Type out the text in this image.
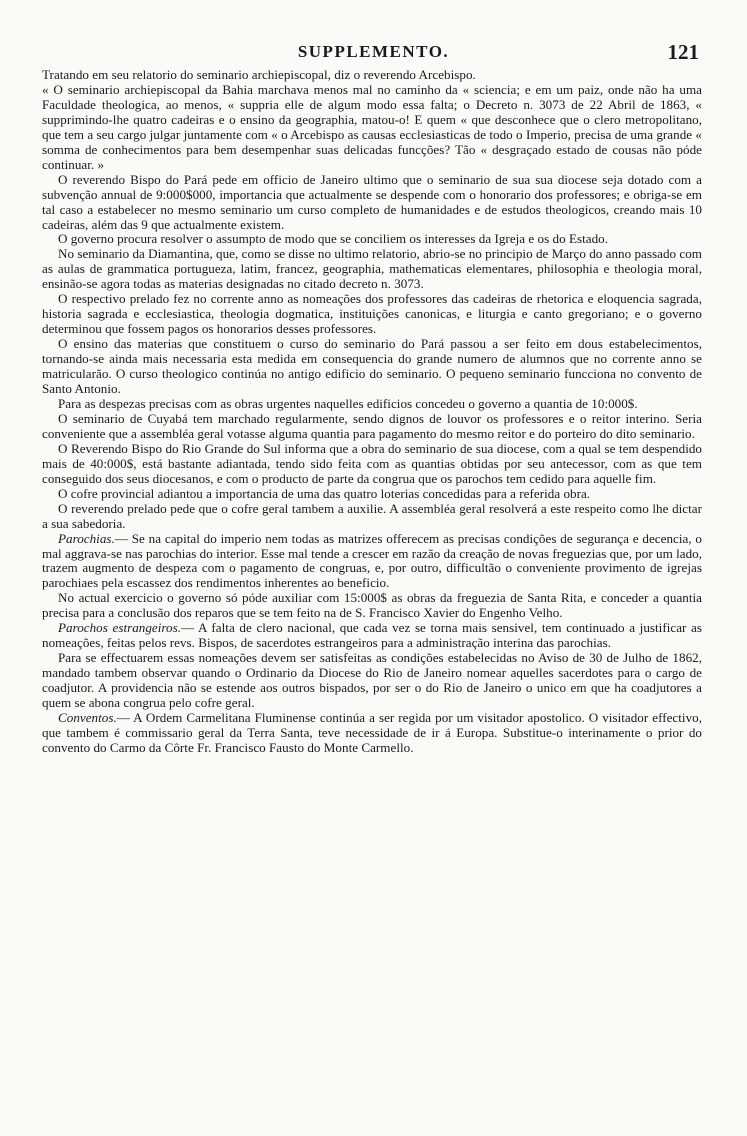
SUPPLEMENTO.	121

Tratando em seu relatorio do seminario archiepiscopal, diz o reverendo Arcebispo.

« O seminario archiepiscopal da Bahia marchava menos mal no caminho da « sciencia; e em um paiz, onde não ha uma Faculdade theologica, ao menos, « suppria elle de algum modo essa falta; o Decreto n. 3073 de 22 Abril de 1863, « supprimindo-lhe quatro cadeiras e o ensino da geographia, matou-o! E quem « que desconhece que o clero metropolitano, que tem a seu cargo julgar juntamente com « o Arcebispo as causas ecclesiasticas de todo o Imperio, precisa de uma grande « somma de conhecimentos para bem desempenhar suas delicadas funcções? Tão « desgraçado estado de cousas não póde continuar. »

O reverendo Bispo do Pará pede em officio de Janeiro ultimo que o seminario de sua sua diocese seja dotado com a subvenção annual de 9:000$000, importancia que actualmente se despende com o honorario dos professores; e obriga-se em tal caso a estabelecer no mesmo seminario um curso completo de humanidades e de estudos theologicos, creando mais 10 cadeiras, além das 9 que actualmente existem.

O governo procura resolver o assumpto de modo que se conciliem os interesses da Igreja e os do Estado.

No seminario da Diamantina, que, como se disse no ultimo relatorio, abrio-se no principio de Março do anno passado com as aulas de grammatica portugueza, latim, francez, geographia, mathematicas elementares, philosophia e theologia moral, ensinão-se agora todas as materias designadas no citado decreto n. 3073.

O respectivo prelado fez no corrente anno as nomeações dos professores das cadeiras de rhetorica e eloquencia sagrada, historia sagrada e ecclesiastica, theologia dogmatica, instituições canonicas, e liturgia e canto gregoriano; e o governo determinou que fossem pagos os honorarios desses professores.

O ensino das materias que constituem o curso do seminario do Pará passou a ser feito em dous estabelecimentos, tornando-se ainda mais necessaria esta medida em consequencia do grande numero de alumnos que no corrente anno se matricularão. O curso theologico continúa no antigo edificio do seminario. O pequeno seminario funcciona no convento de Santo Antonio.

Para as despezas precisas com as obras urgentes naquelles edificios concedeu o governo a quantia de 10:000$.

O seminario de Cuyabá tem marchado regularmente, sendo dignos de louvor os professores e o reitor interino. Seria conveniente que a assembléa geral votasse alguma quantia para pagamento do mesmo reitor e do porteiro do dito seminario.

O Reverendo Bispo do Rio Grande do Sul informa que a obra do seminario de sua diocese, com a qual se tem despendido mais de 40:000$, está bastante adiantada, tendo sido feita com as quantias obtidas por seu antecessor, com as que tem conseguido dos seus diocesanos, e com o producto de parte da congrua que os parochos tem cedido para aquelle fim.

O cofre provincial adiantou a importancia de uma das quatro loterias concedidas para a referida obra.

O reverendo prelado pede que o cofre geral tambem a auxilie. A assembléa geral resolverá a este respeito como lhe dictar a sua sabedoria.

Parochias.— Se na capital do imperio nem todas as matrizes offerecem as precisas condições de segurança e decencia, o mal aggrava-se nas parochias do interior. Esse mal tende a crescer em razão da creação de novas freguezias que, por um lado, trazem augmento de despeza com o pagamento de congruas, e, por outro, difficultão o conveniente provimento de igrejas parochiaes pela escassez dos rendimentos inherentes ao beneficio.

No actual exercicio o governo só póde auxiliar com 15:000$ as obras da freguezia de Santa Rita, e conceder a quantia precisa para a conclusão dos reparos que se tem feito na de S. Francisco Xavier do Engenho Velho.

Parochos estrangeiros.— A falta de clero nacional, que cada vez se torna mais sensivel, tem continuado a justificar as nomeações, feitas pelos revs. Bispos, de sacerdotes estrangeiros para a administração interina das parochias.

Para se effectuarem essas nomeações devem ser satisfeitas as condições estabelecidas no Aviso de 30 de Julho de 1862, mandado tambem observar quando o Ordinario da Diocese do Rio de Janeiro nomear aquelles sacerdotes para o cargo de coadjutor. A providencia não se estende aos outros bispados, por ser o do Rio de Janeiro o unico em que ha coadjutores a quem se abona congrua pelo cofre geral.

Conventos.— A Ordem Carmelitana Fluminense continúa a ser regida por um visitador apostolico. O visitador effectivo, que tambem é commissario geral da Terra Santa, teve necessidade de ir á Europa. Substitue-o interinamente o prior do convento do Carmo da Côrte Fr. Francisco Fausto do Monte Carmello.
